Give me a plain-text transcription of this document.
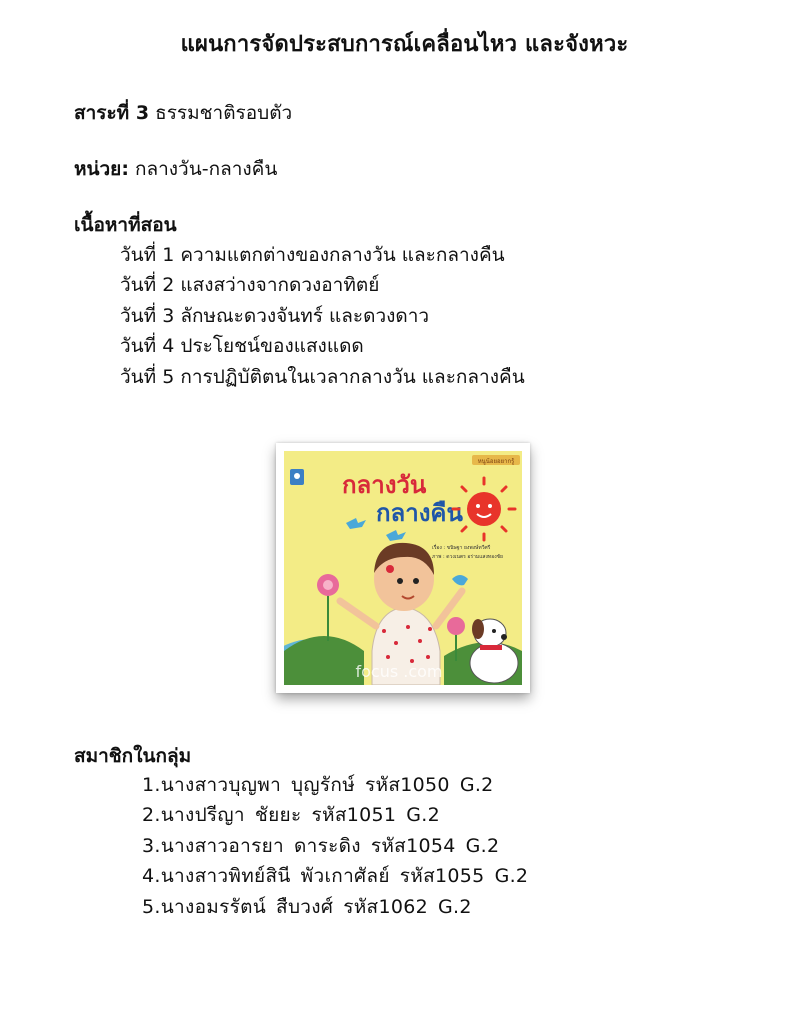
แผนการจัดประสบการณ์เคลื่อนไหว และจังหวะ
สาระที่ 3 ธรรมชาติรอบตัว
หน่วย: กลางวัน-กลางคืน
เนื้อหาที่สอน
วันที่ 1 ความแตกต่างของกลางวัน และกลางคืน
วันที่ 2 แสงสว่างจากดวงอาทิตย์
วันที่ 3 ลักษณะดวงจันทร์ และดวงดาว
วันที่ 4 ประโยชน์ของแสงแดด
วันที่ 5 การปฏิบัติตนในเวลากลางวัน และกลางคืน
หนูน้อยอยากรู้
กลางวัน
กลางคืน
เรื่อง : ขนิษฐา ยงพงษ์ทวีศรี
ภาพ : ดวงเนตร อร่ามแสงทองชัย
focus .com
สมาชิกในกลุ่ม
1.นางสาวบุญพา บุญรักษ์ รหัส1050 G.2
2.นางปรีญา ชัยยะ รหัส1051 G.2
3.นางสาวอารยา ดาระดิง รหัส1054 G.2
4.นางสาวพิทย์สินี พัวเกาศัลย์ รหัส1055 G.2
5.นางอมรรัตน์ สืบวงศ์ รหัส1062 G.2
